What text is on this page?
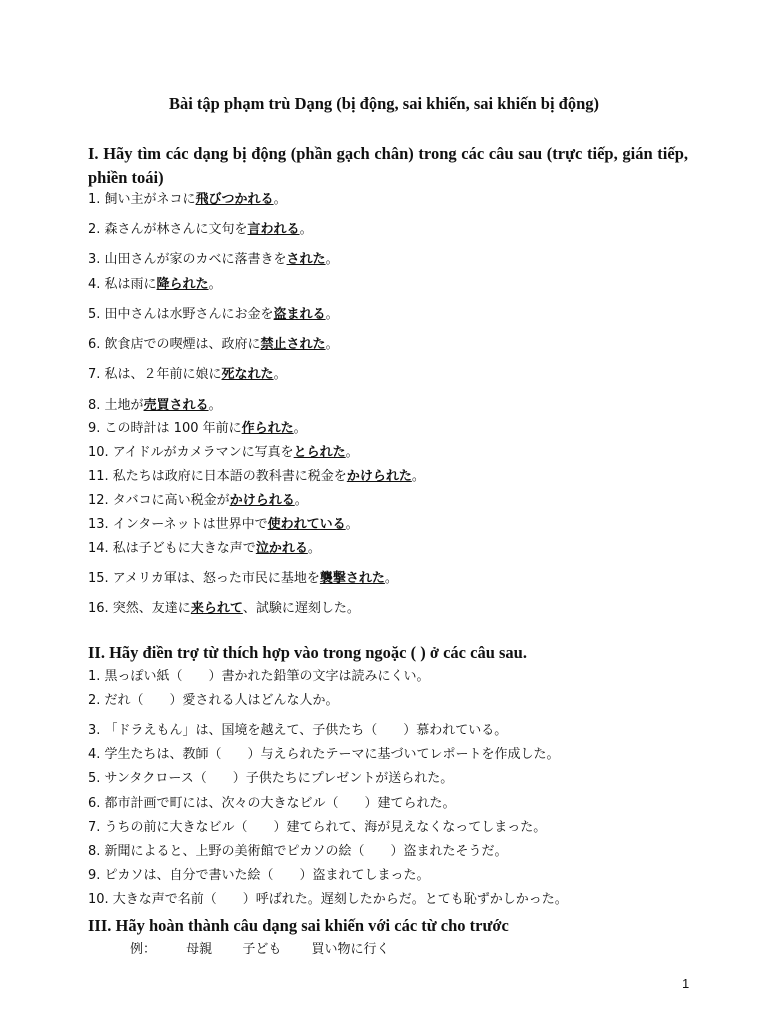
Bài tập phạm trù Dạng (bị động, sai khiến, sai khiến bị động)
I. Hãy tìm các dạng bị động (phần gạch chân) trong các câu sau (trực tiếp, gián tiếp, phiền toái)
1. 飼い主がネコに飛びつかれる。
2. 森さんが林さんに文句を言われる。
3. 山田さんが家のカベに落書きをされた。
4. 私は雨に降られた。
5. 田中さんは水野さんにお金を盗まれる。
6. 飲食店での喫煙は、政府に禁止された。
7. 私は、２年前に娘に死なれた。
8. 土地が売買される。
9. この時計は 100 年前に作られた。
10. アイドルがカメラマンに写真をとられた。
11. 私たちは政府に日本語の教科書に税金をかけられた。
12. タバコに高い税金がかけられる。
13. インターネットは世界中で使われている。
14. 私は子どもに大きな声で泣かれる。
15. アメリカ軍は、怒った市民に基地を襲撃された。
16. 突然、友達に来られて、試験に遅刻した。
II. Hãy điền trợ từ thích hợp vào trong ngoặc ( ) ở các câu sau.
1. 黒っぽい紙（　　）書かれた鉛筆の文字は読みにくい。
2. だれ（　　）愛される人はどんな人か。
3. 「ドラえもん」は、国境を越えて、子供たち（　　）慕われている。
4. 学生たちは、教師（　　）与えられたテーマに基づいてレポートを作成した。
5. サンタクロース（　　）子供たちにプレゼントが送られた。
6. 都市計画で町には、次々の大きなビル（　　）建てられた。
7. うちの前に大きなビル（　　）建てられて、海が見えなくなってしまった。
8. 新聞によると、上野の美術館でピカソの絵（　　）盗まれたそうだ。
9. ピカソは、自分で書いた絵（　　）盗まれてしまった。
10. 大きな声で名前（　　）呼ばれた。遅刻したからだ。とても恥ずかしかった。
III. Hãy hoàn thành câu dạng sai khiến với các từ cho trước
例： 母親 子ども 買い物に行く
1
